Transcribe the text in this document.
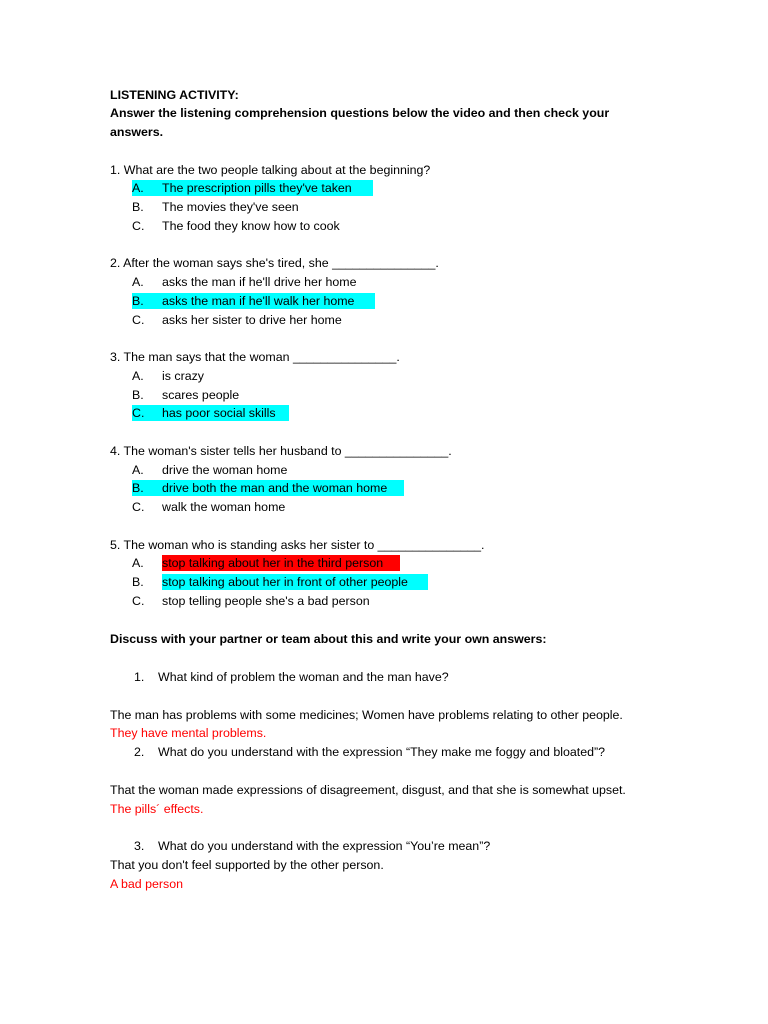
LISTENING ACTIVITY:
Answer the listening comprehension questions below the video and then check your
answers.
1. What are the two people talking about at the beginning?
A. The prescription pills they've taken
B. The movies they've seen
C. The food they know how to cook
2. After the woman says she's tired, she _______________.
A. asks the man if he'll drive her home
B. asks the man if he'll walk her home
C. asks her sister to drive her home
3. The man says that the woman _______________.
A. is crazy
B. scares people
C. has poor social skills
4. The woman's sister tells her husband to _______________.
A. drive the woman home
B. drive both the man and the woman home
C. walk the woman home
5. The woman who is standing asks her sister to _______________.
A. stop talking about her in the third person
B. stop talking about her in front of other people
C. stop telling people she's a bad person
Discuss with your partner or team about this and write your own answers:
1. What kind of problem the woman and the man have?
The man has problems with some medicines; Women have problems relating to other people.
They have mental problems.
2. What do you understand with the expression “They make me foggy and bloated”?
That the woman made expressions of disagreement, disgust, and that she is somewhat upset.
The pills´ effects.
3. What do you understand with the expression “You’re mean”?
That you don't feel supported by the other person.
A bad person
